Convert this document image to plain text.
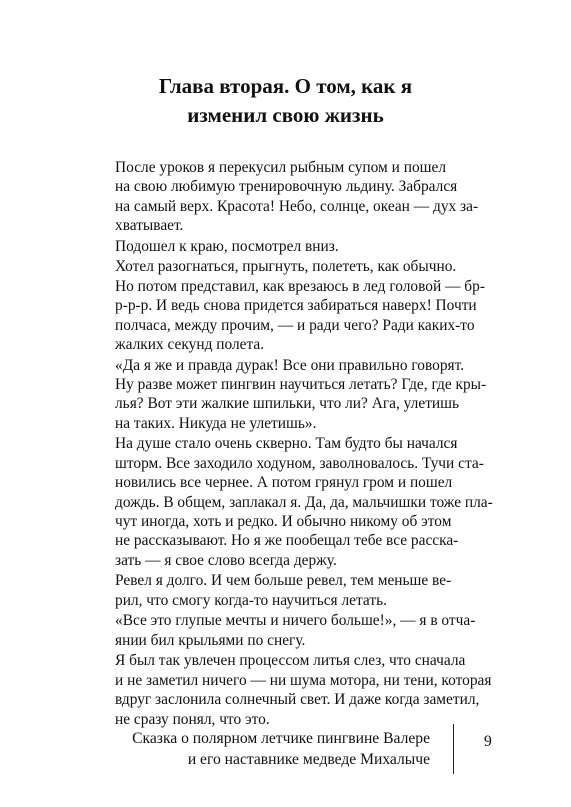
Глава вторая. О том, как я
изменил свою жизнь

После уроков я перекусил рыбным супом и пошел
на свою любимую тренировочную льдину. Забрался
на самый верх. Красота! Небо, солнце, океан — дух за-
хватывает.

Подошел к краю, посмотрел вниз.

Хотел разогнаться, прыгнуть, полететь, как обычно.
Но потом представил, как врезаюсь в лед головой — бр-
р-р-р. И ведь снова придется забираться наверх! Почти
полчаса, между прочим, — и ради чего? Ради каких-то
жалких секунд полета.

«Да я же и правда дурак! Все они правильно говорят.
Ну разве может пингвин научиться летать? Где, где кры-
лья? Вот эти жалкие шпильки, что ли? Ага, улетишь
на таких. Никуда не улетишь».

На душе стало очень скверно. Там будто бы начался
шторм. Все заходило ходуном, заволновалось. Тучи ста-
новились все чернее. А потом грянул гром и пошел
дождь. В общем, заплакал я. Да, да, мальчишки тоже пла-
чут иногда, хоть и редко. И обычно никому об этом
не рассказывают. Но я же пообещал тебе все расска-
зать — я свое слово всегда держу.

Ревел я долго. И чем больше ревел, тем меньше ве-
рил, что смогу когда-то научиться летать.

«Все это глупые мечты и ничего больше!», — я в отча-
янии бил крыльями по снегу.

Я был так увлечен процессом литья слез, что сначала
и не заметил ничего — ни шума мотора, ни тени, которая
вдруг заслонила солнечный свет. И даже когда заметил,
не сразу понял, что это.

Сказка о полярном летчике пингвине Валере
и его наставнике медведе Михалыче
9
